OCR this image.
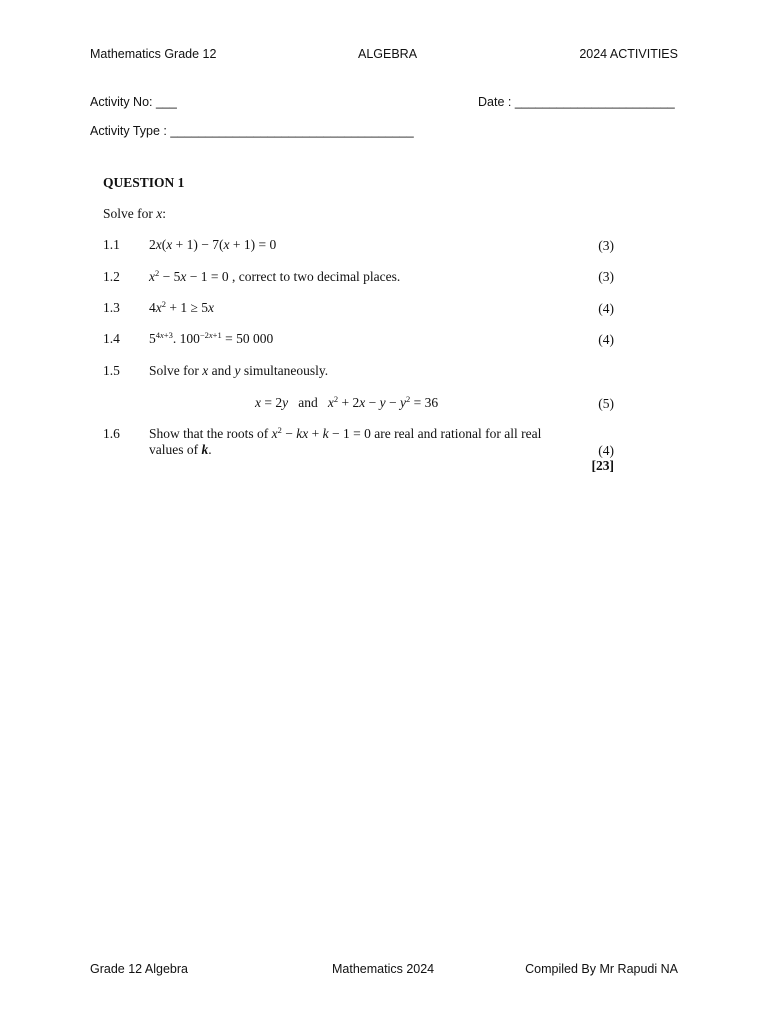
Mathematics Grade 12	ALGEBRA	2024 ACTIVITIES
Activity No: ___	Date : _______________________
Activity Type : ___________________________________
QUESTION 1
Solve for x:
1.1 2x(x + 1) − 7(x + 1) = 0	(3)
1.2 $x^2 - 5x - 1 = 0$ , correct to two decimal places.	(3)
1.3 $4x^2 + 1 \ge 5x$	(4)
1.4 $5^{4x+3}$. $100^{-2x+1} = 50$ 000	(4)
1.5 Solve for x and y simultaneously.
x = 2y and $x^2 + 2x - y - y^2 = 36$	(5)
1.6 Show that the roots of $x^2$ − kx + k − 1 = 0 are real and rational for all real
values of k.	(4)
[23]
Grade 12 Algebra	Mathematics 2024	Compiled By Mr Rapudi NA
